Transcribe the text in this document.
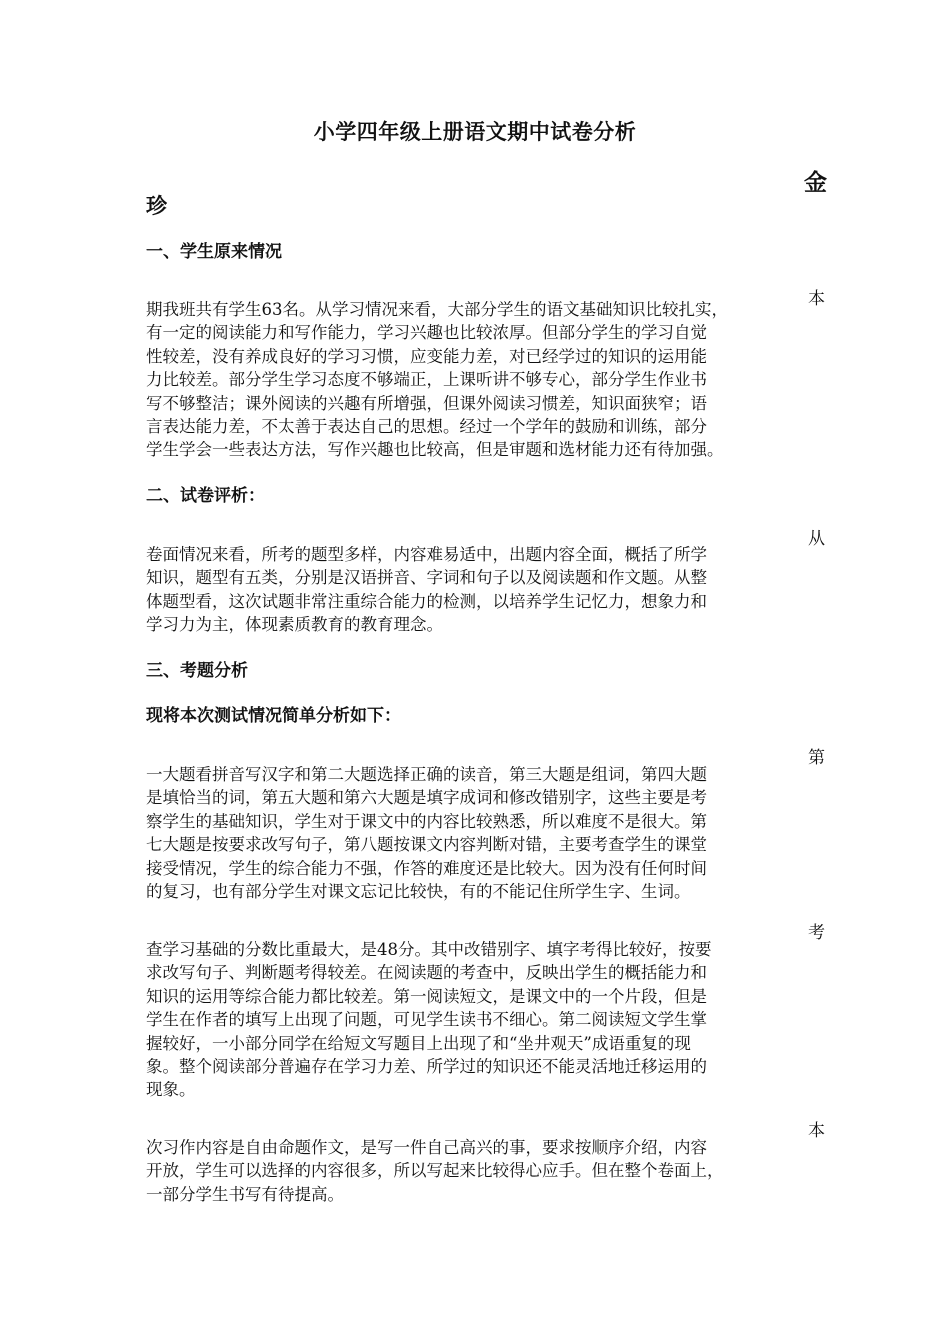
小学四年级上册语文期中试卷分析
金
珍
一、学生原来情况
本
期我班共有学生63名。从学习情况来看，大部分学生的语文基础知识比较扎实，
有一定的阅读能力和写作能力，学习兴趣也比较浓厚。但部分学生的学习自觉
性较差，没有养成良好的学习习惯，应变能力差，对已经学过的知识的运用能
力比较差。部分学生学习态度不够端正，上课听讲不够专心，部分学生作业书
写不够整洁；课外阅读的兴趣有所增强，但课外阅读习惯差，知识面狭窄；语
言表达能力差，不太善于表达自己的思想。经过一个学年的鼓励和训练，部分
学生学会一些表达方法，写作兴趣也比较高，但是审题和选材能力还有待加强。
二、试卷评析：
从
卷面情况来看，所考的题型多样，内容难易适中，出题内容全面，概括了所学
知识，题型有五类，分别是汉语拼音、字词和句子以及阅读题和作文题。从整
体题型看，这次试题非常注重综合能力的检测，以培养学生记忆力，想象力和
学习力为主，体现素质教育的教育理念。
三、考题分析
现将本次测试情况简单分析如下：
第
一大题看拼音写汉字和第二大题选择正确的读音，第三大题是组词，第四大题
是填恰当的词，第五大题和第六大题是填字成词和修改错别字，这些主要是考
察学生的基础知识，学生对于课文中的内容比较熟悉，所以难度不是很大。第
七大题是按要求改写句子，第八题按课文内容判断对错，主要考查学生的课堂
接受情况，学生的综合能力不强，作答的难度还是比较大。因为没有任何时间
的复习，也有部分学生对课文忘记比较快，有的不能记住所学生字、生词。
考
查学习基础的分数比重最大，是48分。其中改错别字、填字考得比较好，按要
求改写句子、判断题考得较差。在阅读题的考查中，反映出学生的概括能力和
知识的运用等综合能力都比较差。第一阅读短文，是课文中的一个片段，但是
学生在作者的填写上出现了问题，可见学生读书不细心。第二阅读短文学生掌
握较好，一小部分同学在给短文写题目上出现了和“坐井观天”成语重复的现
象。整个阅读部分普遍存在学习力差、所学过的知识还不能灵活地迁移运用的
现象。
本
次习作内容是自由命题作文，是写一件自己高兴的事，要求按顺序介绍，内容
开放，学生可以选择的内容很多，所以写起来比较得心应手。但在整个卷面上，
一部分学生书写有待提高。
